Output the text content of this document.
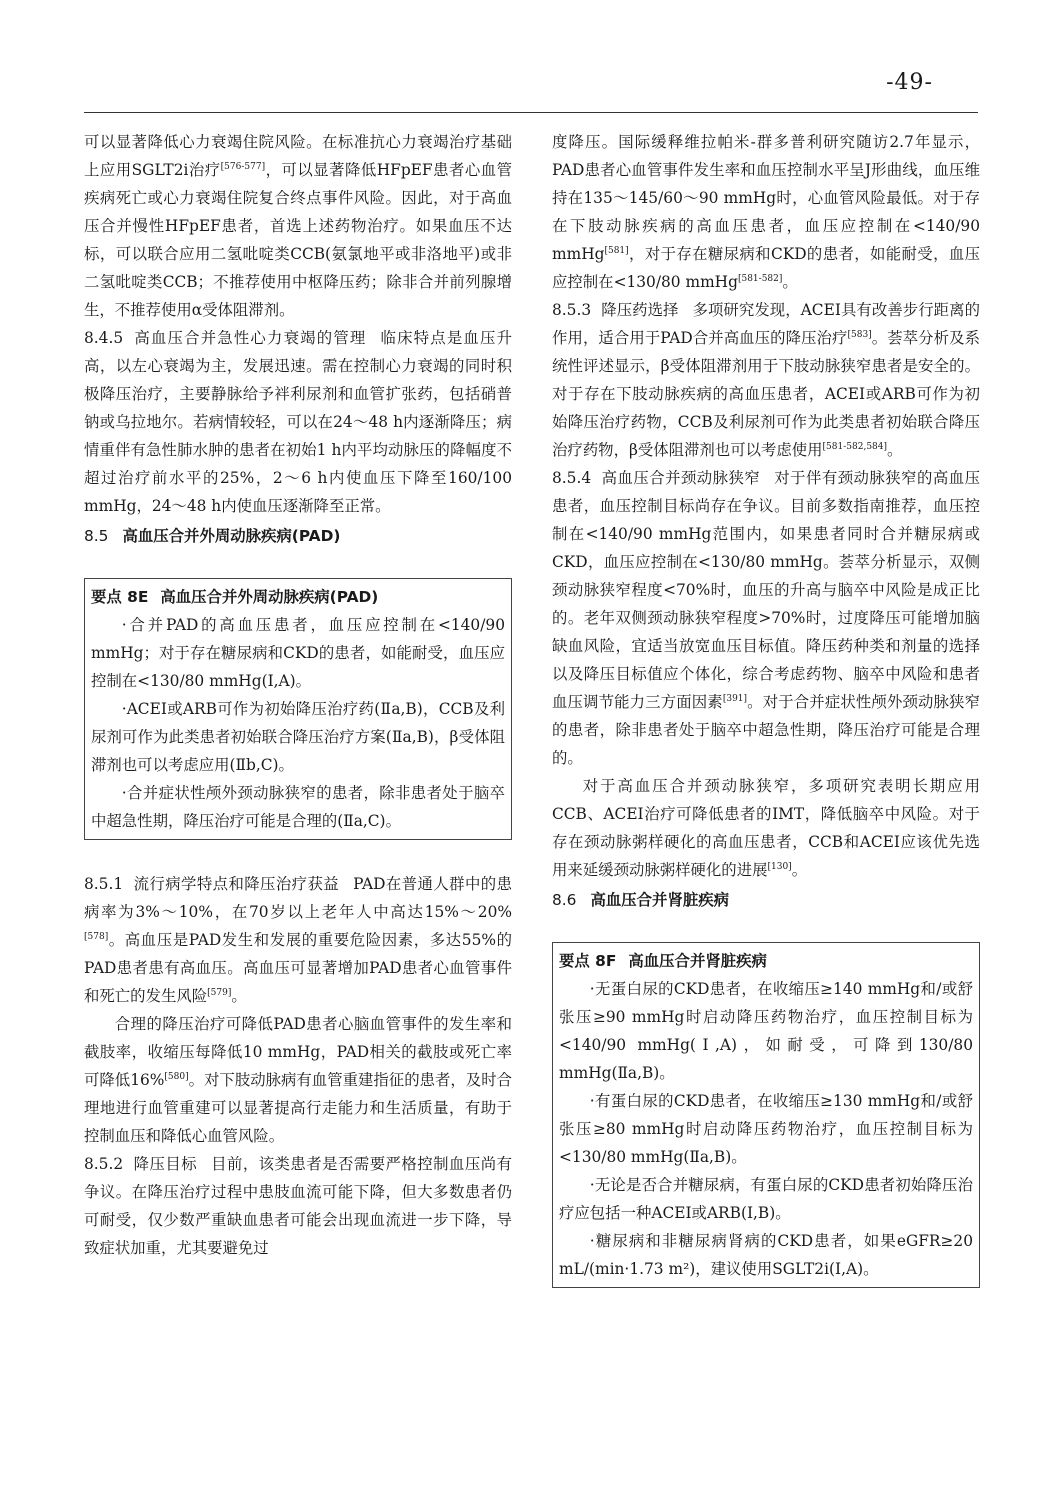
-49-

可以显著降低心力衰竭住院风险。在标准抗心力衰竭治疗基础上应用SGLT2i治疗[576-577]，可以显著降低HFpEF患者心血管疾病死亡或心力衰竭住院复合终点事件风险。因此，对于高血压合并慢性HFpEF患者，首选上述药物治疗。如果血压不达标，可以联合应用二氢吡啶类CCB(氨氯地平或非洛地平)或非二氢吡啶类CCB；不推荐使用中枢降压药；除非合并前列腺增生，不推荐使用α受体阻滞剂。

8.4.5 高血压合并急性心力衰竭的管理 临床特点是血压升高，以左心衰竭为主，发展迅速。需在控制心力衰竭的同时积极降压治疗，主要静脉给予袢利尿剂和血管扩张药，包括硝普钠或乌拉地尔。若病情较轻，可以在24～48 h内逐渐降压；病情重伴有急性肺水肿的患者在初始1 h内平均动脉压的降幅度不超过治疗前水平的25%，2～6 h内使血压下降至160/100 mmHg，24～48 h内使血压逐渐降至正常。

8.5 高血压合并外周动脉疾病(PAD)
要点 8E 高血压合并外周动脉疾病(PAD)

·合并PAD的高血压患者，血压应控制在<140/90 mmHg；对于存在糖尿病和CKD的患者，如能耐受，血压应控制在<130/80 mmHg(Ⅰ,A)。

·ACEI或ARB可作为初始降压治疗药(Ⅱa,B)，CCB及利尿剂可作为此类患者初始联合降压治疗方案(Ⅱa,B)，β受体阻滞剂也可以考虑应用(Ⅱb,C)。

·合并症状性颅外颈动脉狭窄的患者，除非患者处于脑卒中超急性期，降压治疗可能是合理的(Ⅱa,C)。

8.5.1 流行病学特点和降压治疗获益 PAD在普通人群中的患病率为3%～10%，在70岁以上老年人中高达15%～20%[578]。高血压是PAD发生和发展的重要危险因素，多达55%的PAD患者患有高血压。高血压可显著增加PAD患者心血管事件和死亡的发生风险[579]。

合理的降压治疗可降低PAD患者心脑血管事件的发生率和截肢率，收缩压每降低10 mmHg，PAD相关的截肢或死亡率可降低16%[580]。对下肢动脉病有血管重建指征的患者，及时合理地进行血管重建可以显著提高行走能力和生活质量，有助于控制血压和降低心血管风险。

8.5.2 降压目标 目前，该类患者是否需要严格控制血压尚有争议。在降压治疗过程中患肢血流可能下降，但大多数患者仍可耐受，仅少数严重缺血患者可能会出现血流进一步下降，导致症状加重，尤其要避免过

度降压。国际缓释维拉帕米-群多普利研究随访2.7年显示，PAD患者心血管事件发生率和血压控制水平呈J形曲线，血压维持在135～145/60～90 mmHg时，心血管风险最低。对于存在下肢动脉疾病的高血压患者，血压应控制在<140/90 mmHg[581]，对于存在糖尿病和CKD的患者，如能耐受，血压应控制在<130/80 mmHg[581-582]。

8.5.3 降压药选择 多项研究发现，ACEI具有改善步行距离的作用，适合用于PAD合并高血压的降压治疗[583]。荟萃分析及系统性评述显示，β受体阻滞剂用于下肢动脉狭窄患者是安全的。对于存在下肢动脉疾病的高血压患者，ACEI或ARB可作为初始降压治疗药物，CCB及利尿剂可作为此类患者初始联合降压治疗药物，β受体阻滞剂也可以考虑使用[581-582,584]。

8.5.4 高血压合并颈动脉狭窄 对于伴有颈动脉狭窄的高血压患者，血压控制目标尚存在争议。目前多数指南推荐，血压控制在<140/90 mmHg范围内，如果患者同时合并糖尿病或CKD，血压应控制在<130/80 mmHg。荟萃分析显示，双侧颈动脉狭窄程度<70%时，血压的升高与脑卒中风险是成正比的。老年双侧颈动脉狭窄程度>70%时，过度降压可能增加脑缺血风险，宜适当放宽血压目标值。降压药种类和剂量的选择以及降压目标值应个体化，综合考虑药物、脑卒中风险和患者血压调节能力三方面因素[391]。对于合并症状性颅外颈动脉狭窄的患者，除非患者处于脑卒中超急性期，降压治疗可能是合理的。

对于高血压合并颈动脉狭窄，多项研究表明长期应用CCB、ACEI治疗可降低患者的IMT，降低脑卒中风险。对于存在颈动脉粥样硬化的高血压患者，CCB和ACEI应该优先选用来延缓颈动脉粥样硬化的进展[130]。

8.6 高血压合并肾脏疾病
要点 8F 高血压合并肾脏疾病

·无蛋白尿的CKD患者，在收缩压≥140 mmHg和/或舒张压≥90 mmHg时启动降压药物治疗，血压控制目标为<140/90 mmHg(Ⅰ,A)，如耐受，可降到130/80 mmHg(Ⅱa,B)。

·有蛋白尿的CKD患者，在收缩压≥130 mmHg和/或舒张压≥80 mmHg时启动降压药物治疗，血压控制目标为<130/80 mmHg(Ⅱa,B)。

·无论是否合并糖尿病，有蛋白尿的CKD患者初始降压治疗应包括一种ACEI或ARB(Ⅰ,B)。

·糖尿病和非糖尿病肾病的CKD患者，如果eGFR≥20 mL/(min·1.73 m²)，建议使用SGLT2i(Ⅰ,A)。
